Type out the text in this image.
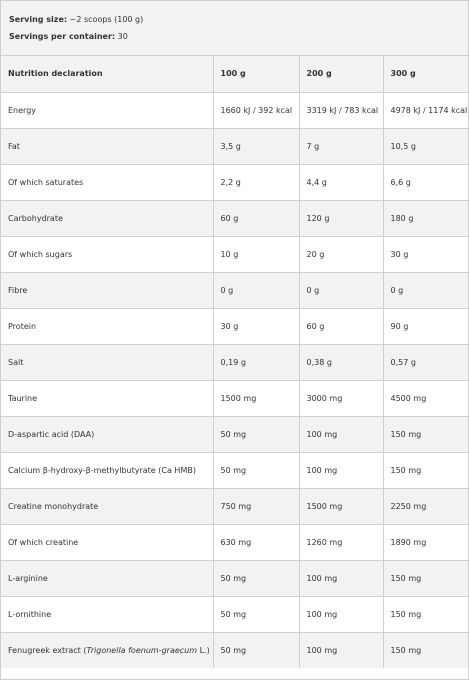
Serving size: ~2 scoops (100 g)
Servings per container: 30
Nutrition declaration	100 g	200 g	300 g
Energy	1660 kJ / 392 kcal	3319 kJ / 783 kcal	4978 kJ / 1174 kcal
Fat	3,5 g	7 g	10,5 g
Of which saturates	2,2 g	4,4 g	6,6 g
Carbohydrate	60 g	120 g	180 g
Of which sugars	10 g	20 g	30 g
Fibre	0 g	0 g	0 g
Protein	30 g	60 g	90 g
Salt	0,19 g	0,38 g	0,57 g
Taurine	1500 mg	3000 mg	4500 mg
D-aspartic acid (DAA)	50 mg	100 mg	150 mg
Calcium β-hydroxy-β-methylbutyrate (Ca HMB)	50 mg	100 mg	150 mg
Creatine monohydrate	750 mg	1500 mg	2250 mg
Of which creatine	630 mg	1260 mg	1890 mg
L-arginine	50 mg	100 mg	150 mg
L-ornithine	50 mg	100 mg	150 mg
Fenugreek extract (Trigonella foenum-graecum L.)	50 mg	100 mg	150 mg
